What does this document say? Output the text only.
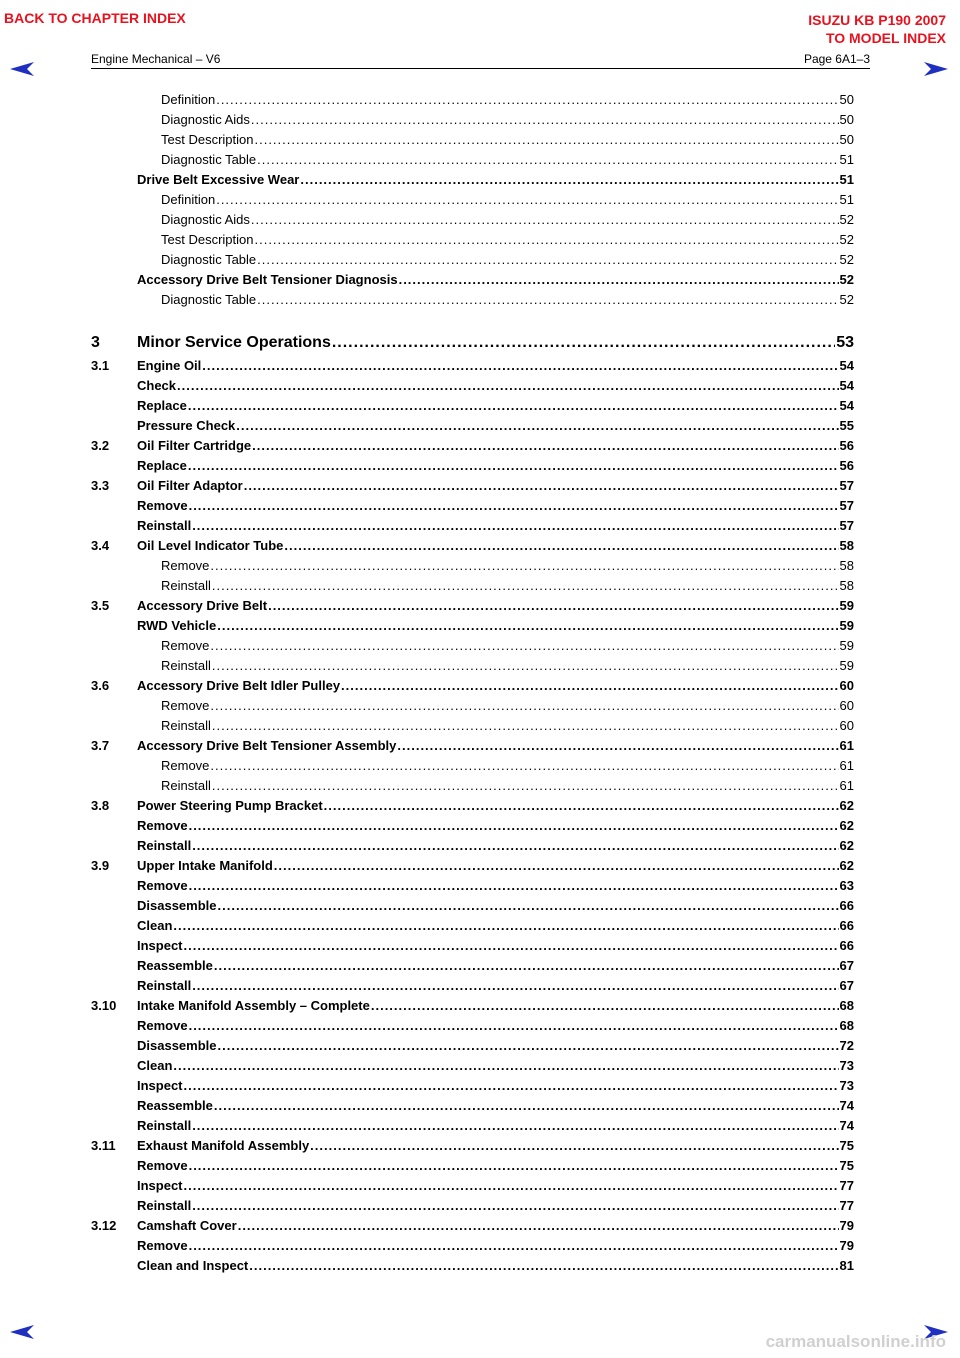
BACK TO CHAPTER INDEX	ISUZU KB P190 2007
TO MODEL INDEX
Engine Mechanical – V6	Page 6A1–3
Definition .....	50
Diagnostic Aids .....	50
Test Description .....	50
Diagnostic Table .....	51
Drive Belt Excessive Wear .....	51
Definition .....	51
Diagnostic Aids .....	52
Test Description .....	52
Diagnostic Table .....	52
Accessory Drive Belt Tensioner Diagnosis .....	52
Diagnostic Table .....	52
3 Minor Service Operations .....	53
3.1 Engine Oil .....	54
Check .....	54
Replace .....	54
Pressure Check .....	55
3.2 Oil Filter Cartridge .....	56
Replace .....	56
3.3 Oil Filter Adaptor .....	57
Remove .....	57
Reinstall .....	57
3.4 Oil Level Indicator Tube .....	58
Remove .....	58
Reinstall .....	58
3.5 Accessory Drive Belt .....	59
RWD Vehicle .....	59
Remove .....	59
Reinstall .....	59
3.6 Accessory Drive Belt Idler Pulley .....	60
Remove .....	60
Reinstall .....	60
3.7 Accessory Drive Belt Tensioner Assembly .....	61
Remove .....	61
Reinstall .....	61
3.8 Power Steering Pump Bracket .....	62
Remove .....	62
Reinstall .....	62
3.9 Upper Intake Manifold .....	62
Remove .....	63
Disassemble .....	66
Clean .....	66
Inspect .....	66
Reassemble .....	67
Reinstall .....	67
3.10 Intake Manifold Assembly – Complete .....	68
Remove .....	68
Disassemble .....	72
Clean .....	73
Inspect .....	73
Reassemble .....	74
Reinstall .....	74
3.11 Exhaust Manifold Assembly .....	75
Remove .....	75
Inspect .....	77
Reinstall .....	77
3.12 Camshaft Cover .....	79
Remove .....	79
Clean and Inspect .....	81
carmanualsonline.info
